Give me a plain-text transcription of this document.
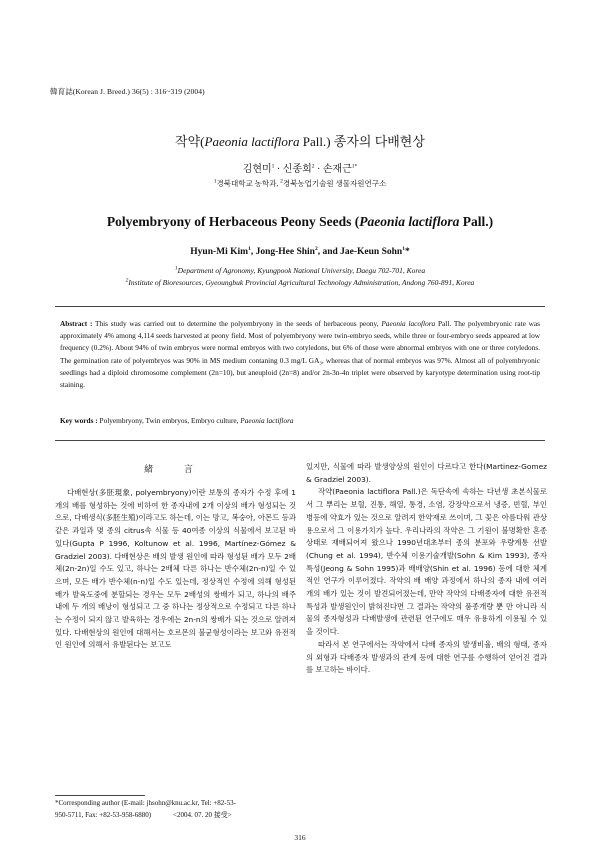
韓育誌(Korean J. Breed.) 36(5) : 316~319 (2004)
작약(Paeonia lactiflora Pall.) 종자의 다배현상
김현미$^1$ · 신종희$^2$ · 손재근$^{1*}$
$^1$경북대학교 농학과, $^2$경북농업기술원 생물자원연구소
Polyembryony of Herbaceous Peony Seeds (Paeonia lactiflora Pall.)
Hyun-Mi Kim$^1$, Jong-Hee Shin$^2$, and Jae-Keun Sohn$^1$*
$^1$Department of Agronomy, Kyungpook National University, Daegu 702-701, Korea
$^2$Institute of Bioresources, Gyeoungbuk Provincial Agricultural Technology Administration, Andong 760-891, Korea
Abstract : This study was carried out to determine the polyembryony in the seeds of herbaceous peony, Paeonia lacoflora Pall. The polyembryonic rate was approximately 4% among 4,114 seeds harvested at peony field. Most of polyembryony were twin-embryo seeds, while three or four-embryo seeds appeared at low frequency (0.2%). About 94% of twin embryos were normal embryos with two cotyledons, but 6% of those were abnormal embryos with one or three cotyledons. The germination rate of polyembryos was 90% in MS medium contaning 0.3 mg/L GA₃, whereas that of normal embryos was 97%. Almost all of polyembryonic seedlings had a diploid chromosome complement (2n=10), but aneuploid (2n=8) and/or 2n-3n-4n triplet were observed by karyotype determination using root-tip staining.
Key words : Polyembryony, Twin embryos, Embryo culture, Paeonia lactiflora
緒 言

다배현상(多胚現象, polyembryony)이란 보통의 종자가 수정 후에 1개의 배를 형성하는 것에 비하여 한 종자내에 2개 이상의 배가 형성되는 것으로, 다배생식(多胚生殖)이라고도 하는데, 이는 망고, 복숭아, 아몬드 등과 같은 과일과 몇 종의 citrus속 식물 등 40여종 이상의 식물에서 보고된 바 있다(Gupta P 1996, Koltunow et al. 1996, Martínez-Gómez & Gradziel 2003). 다배현상은 배의 발생 원인에 따라 형성된 배가 모두 2배체(2n-2n)일 수도 있고, 하나는 2배체 다른 하나는 반수체(2n-n)일 수 있으며, 모든 배가 반수체(n-n)일 수도 있는데, 정상적인 수정에 의해 형성된 배가 발육도중에 분할되는 경우는 모두 2배성의 쌍배가 되고, 하나의 배주내에 두 개의 배낭이 형성되고 그 중 하나는 정상적으로 수정되고 다른 하나는 수정이 되지 않고 발육하는 경우에는 2n-n의 쌍배가 되는 것으로 알려져 있다. 다배현상의 원인에 대해서는 호르몬의 불균형성이라는 보고와 유전적인 원인에 의해서 유발된다는 보고도

있지만, 식물에 따라 발생양상의 원인이 다르다고 한다(Martinez-Gomez & Gradziel 2003).

작약(Paeonia lactiflora Pall.)은 독단속에 속하는 다년생 초본식물로서 그 뿌리는 보혈, 진통, 해열, 통경, 소염, 강장약으로서 냉증, 빈혈, 부인병등에 약효가 있는 것으로 알려져 한약재로 쓰이며, 그 꽃은 아름다워 관상용으로서 그 이용가치가 높다. 우리나라의 작약은 그 기원이 불명확한 혼종 상태로 재배되어져 왔으나 1990년대초부터 종의 분포와 우량계통 선발(Chung et al. 1994), 반수체 이용기술개발(Sohn & Kim 1993), 종자 특성(Jeong & Sohn 1995)과 배배양(Shin et al. 1996) 등에 대한 체계적인 연구가 이루어졌다. 작약의 배 배양 과정에서 하나의 종자 내에 여러 개의 배가 있는 것이 발견되어졌는데, 만약 작약의 다배종자에 대한 유전적 특성과 발생원인이 밝혀진다면 그 결과는 작약의 품종개량 뿐 만 아니라 식물의 종자형성과 다배발생에 관련된 연구에도 매우 유용하게 이용될 수 있을 것이다.

따라서 본 연구에서는 작약에서 다배 종자의 발생비율, 배의 형태, 종자의 외형과 다배종자 발생과의 관계 등에 대한 연구를 수행하여 얻어진 결과를 보고하는 바이다.

*Corresponding author (E-mail: jhsohn@knu.ac.kr, Tel: +82-53-
950-5711, Fax: +82-53-958-6880)	<2004. 07. 20 接受>
316
